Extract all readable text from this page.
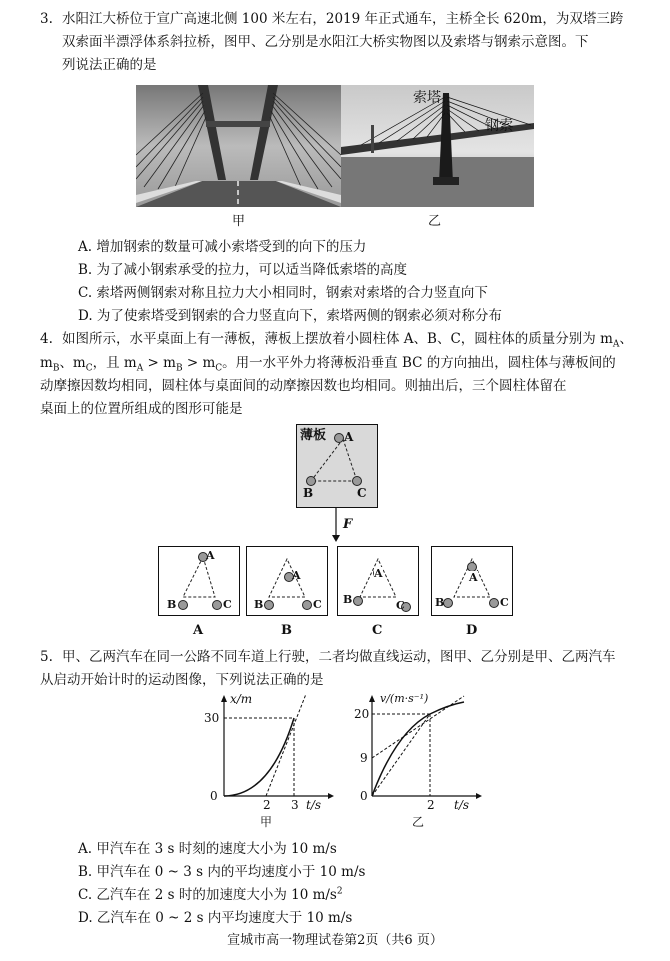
3. 水阳江大桥位于宣广高速北侧 100 米左右，2019 年正式通车，主桥全长 620m，为双塔三跨
双索面半漂浮体系斜拉桥，图甲、乙分别是水阳江大桥实物图以及索塔与钢索示意图。下
列说法正确的是
索塔
钢索
甲	乙
A. 增加钢索的数量可减小索塔受到的向下的压力
B. 为了减小钢索承受的拉力，可以适当降低索塔的高度
C. 索塔两侧钢索对称且拉力大小相同时，钢索对索塔的合力竖直向下
D. 为了使索塔受到钢索的合力竖直向下，索塔两侧的钢索必须对称分布
4. 如图所示，水平桌面上有一薄板，薄板上摆放着小圆柱体 A、B、C，圆柱体的质量分别为 $m_A$、
$m_B$、$m_C$，且 $m_A > m_B > m_C$。用一水平外力将薄板沿垂直 BC 的方向抽出，圆柱体与薄板间的
动摩擦因数均相同，圆柱体与桌面间的动摩擦因数也均相同。则抽出后，三个圆柱体留在
桌面上的位置所组成的图形可能是
薄板 A
B	C
F
A
B	C
A
B	C
A
B	C
A
B	C
A	B	C	D
5. 甲、乙两汽车在同一公路不同车道上行驶，二者均做直线运动，图甲、乙分别是甲、乙两汽车
从启动开始计时的运动图像，下列说法正确的是
x/m
30
0
2 3 t/s
甲
v/(m·s⁻¹)
20
9
0
2 t/s
乙
A. 甲汽车在 3 s 时刻的速度大小为 10 m/s
B. 甲汽车在 0 ~ 3 s 内的平均速度小于 10 m/s
C. 乙汽车在 2 s 时的加速度大小为 10 $m/s^2$
D. 乙汽车在 0 ~ 2 s 内平均速度大于 10 m/s
宣城市高一物理试卷第2页（共6 页）
